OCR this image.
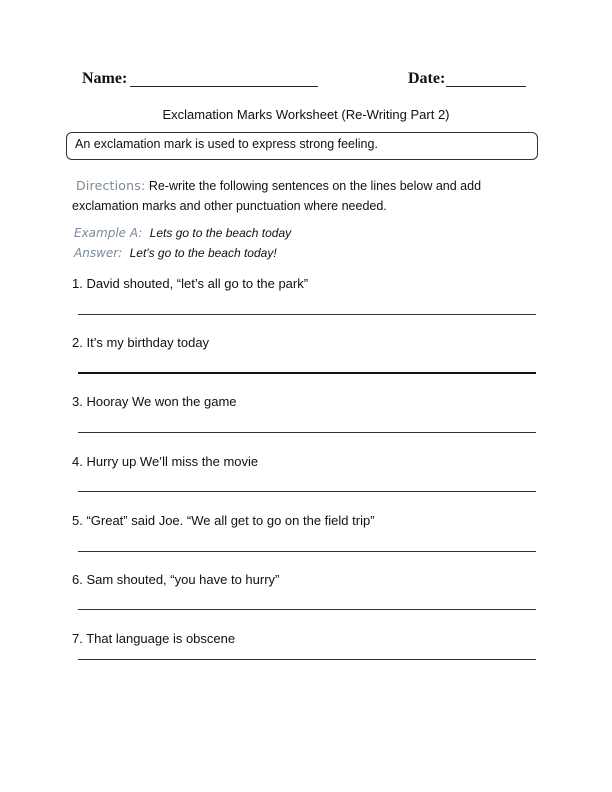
Name:	Date:
Exclamation Marks Worksheet (Re-Writing Part 2)
An exclamation mark is used to express strong feeling.
Directions: Re-write the following sentences on the lines below and add exclamation marks and other punctuation where needed.
Example A: Lets go to the beach today
Answer: Let's go to the beach today!
1. David shouted, “let’s all go to the park”
2. It’s my birthday today
3. Hooray We won the game
4. Hurry up We’ll miss the movie
5. “Great” said Joe. “We all get to go on the field trip”
6. Sam shouted, “you have to hurry”
7. That language is obscene
